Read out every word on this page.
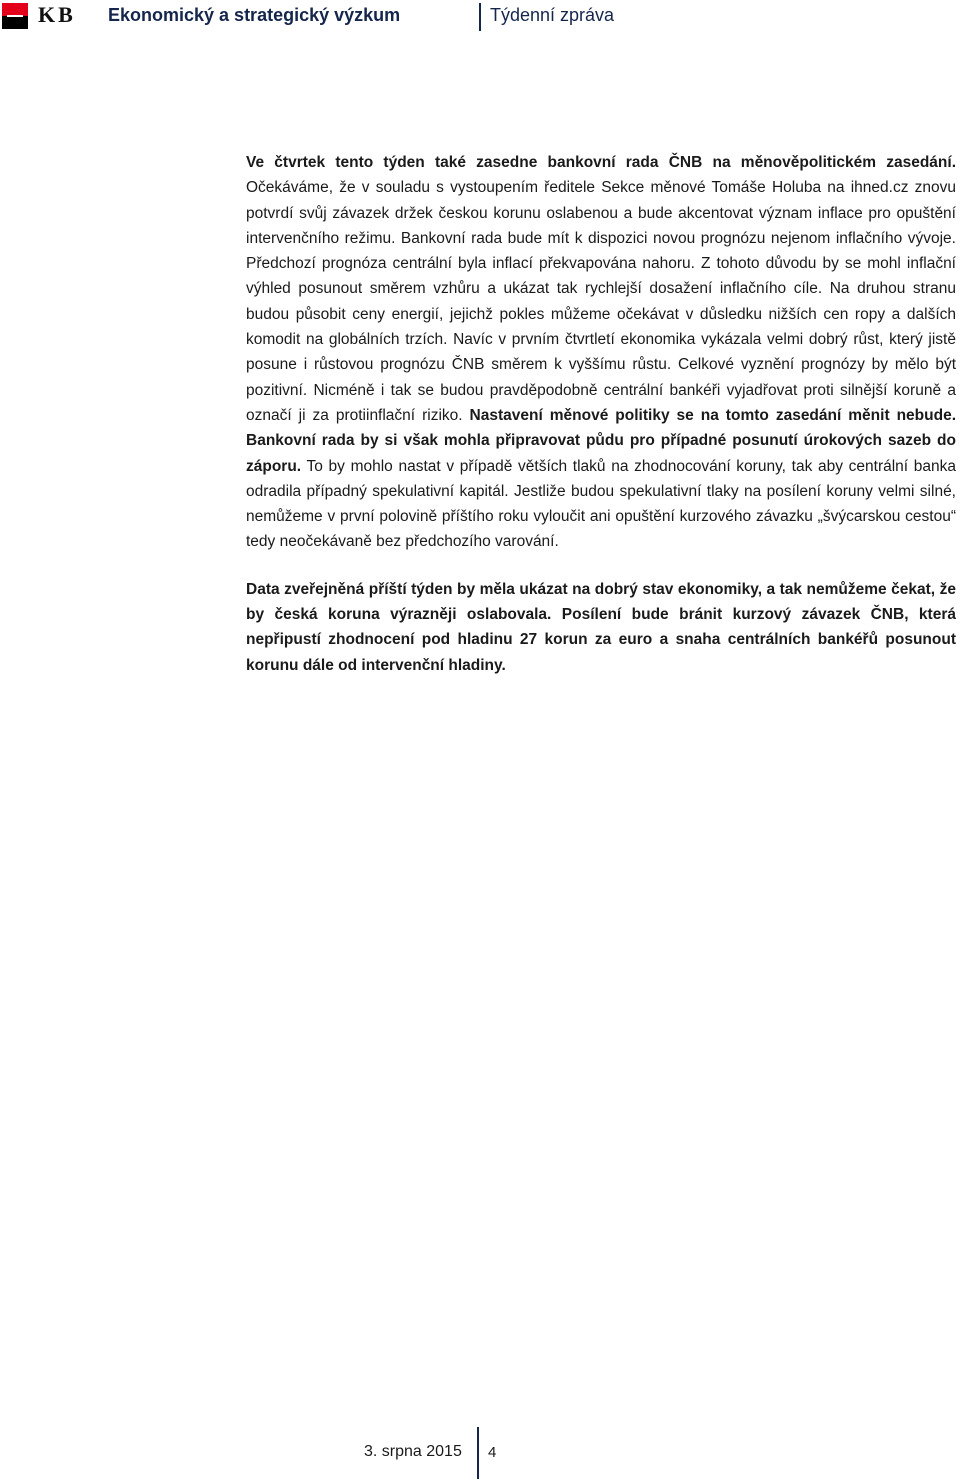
KB Ekonomický a strategický výzkum	Týdenní zpráva

Ve čtvrtek tento týden také zasedne bankovní rada ČNB na měnověpolitickém zasedání. Očekáváme, že v souladu s vystoupením ředitele Sekce měnové Tomáše Holuba na ihned.cz znovu potvrdí svůj závazek držek českou korunu oslabenou a bude akcentovat význam inflace pro opuštění intervenčního režimu. Bankovní rada bude mít k dispozici novou prognózu nejenom inflačního vývoje. Předchozí prognóza centrální byla inflací překvapována nahoru. Z tohoto důvodu by se mohl inflační výhled posunout směrem vzhůru a ukázat tak rychlejší dosažení inflačního cíle. Na druhou stranu budou působit ceny energií, jejichž pokles můžeme očekávat v důsledku nižších cen ropy a dalších komodit na globálních trzích. Navíc v prvním čtvrtletí ekonomika vykázala velmi dobrý růst, který jistě posune i růstovou prognózu ČNB směrem k vyššímu růstu. Celkové vyznění prognózy by mělo být pozitivní. Nicméně i tak se budou pravděpodobně centrální bankéři vyjadřovat proti silnější koruně a označí ji za protiinflační riziko. Nastavení měnové politiky se na tomto zasedání měnit nebude. Bankovní rada by si však mohla připravovat půdu pro případné posunutí úrokových sazeb do záporu. To by mohlo nastat v případě větších tlaků na zhodnocování koruny, tak aby centrální banka odradila případný spekulativní kapitál. Jestliže budou spekulativní tlaky na posílení koruny velmi silné, nemůžeme v první polovině příštího roku vyloučit ani opuštění kurzového závazku „švýcarskou cestou“ tedy neočekávaně bez předchozího varování.

Data zveřejněná příští týden by měla ukázat na dobrý stav ekonomiky, a tak nemůžeme čekat, že by česká koruna výrazněji oslabovala. Posílení bude bránit kurzový závazek ČNB, která nepřipustí zhodnocení pod hladinu 27 korun za euro a snaha centrálních bankéřů posunout korunu dále od intervenční hladiny.

3. srpna 2015 4
